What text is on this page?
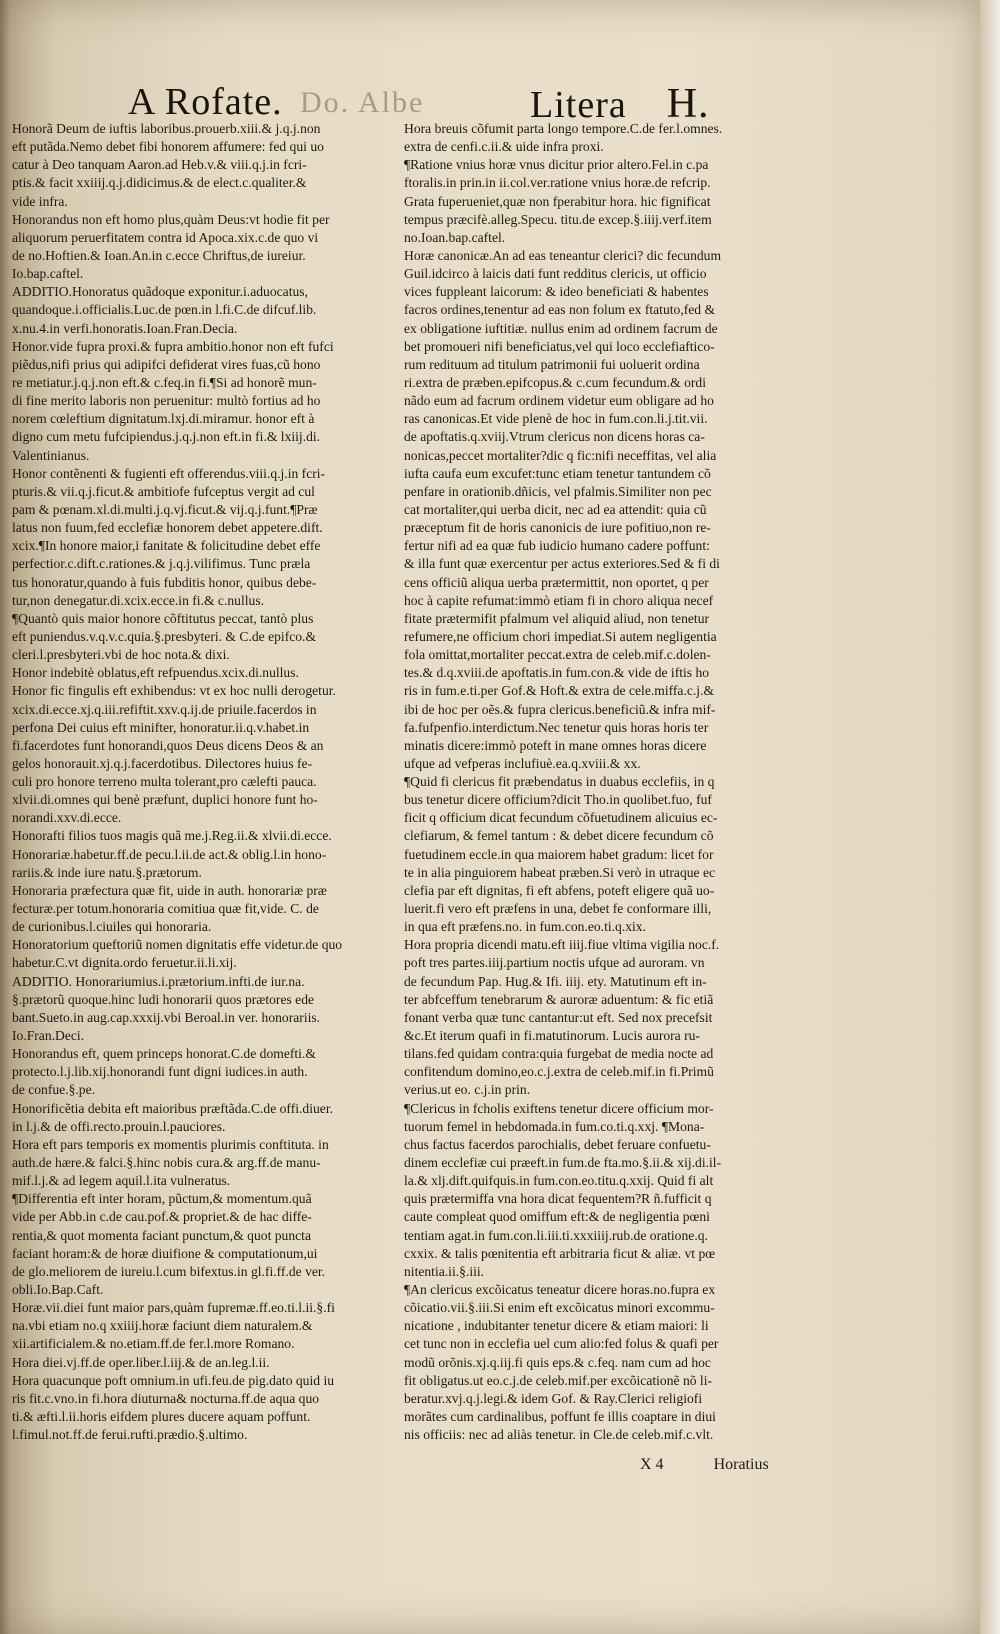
A Rofate. Do. Albe	Litera H.
Honorã Deum de iuftis laboribus.prouerb.xiii.& j.q.j.non
eft putãda.Nemo debet fibi honorem affumere: fed qui uo
catur à Deo tanquam Aaron.ad Heb.v.& viii.q.j.in fcri-
ptis.& facit xxiiij.q.j.didicimus.& de elect.c.qualiter.&
vide infra.
Honorandus non eft homo plus,quàm Deus:vt hodie fit per
aliquorum peruerfitatem contra id Apoca.xix.c.de quo vi
de no.Hoftien.& Ioan.An.in c.ecce Chriftus,de iureiur.
Io.bap.caftel.
ADDITIO.Honoratus quãdoque exponitur.i.aduocatus,
quandoque.i.officialis.Luc.de pœn.in l.fi.C.de difcuf.lib.
x.nu.4.in verfi.honoratis.Ioan.Fran.Decia.
Honor.vide fupra proxi.& fupra ambitio.honor non eft fufci
piẽdus,nifi prius qui adipifci defiderat vires fuas,cũ hono
re metiatur.j.q.j.non eft.& c.feq.in fi.¶Si ad honorẽ mun-
di fine merito laboris non peruenitur: multò fortius ad ho
norem cœleftium dignitatum.lxj.di.miramur. honor eft à
digno cum metu fufcipiendus.j.q.j.non eft.in fi.& lxiij.di.
Valentinianus.
Honor contẽnenti & fugienti eft offerendus.viii.q.j.in fcri-
pturis.& vii.q.j.ficut.& ambitiofe fufceptus vergit ad cul
pam & pœnam.xl.di.multi.j.q.vj.ficut.& vij.q.j.funt.¶Præ
latus non fuum,fed ecclefiæ honorem debet appetere.dift.
xcix.¶In honore maior,i fanitate & folicitudine debet effe
perfectior.c.dift.c.rationes.& j.q.j.vilifimus. Tunc præla
tus honoratur,quando à fuis fubditis honor, quibus debe-
tur,non denegatur.di.xcix.ecce.in fi.& c.nullus.
¶Quantò quis maior honore cõftitutus peccat, tantò plus
eft puniendus.v.q.v.c.quia.§.presbyteri. & C.de epifco.&
cleri.l.presbyteri.vbi de hoc nota.& dixi.
Honor indebitè oblatus,eft refpuendus.xcix.di.nullus.
Honor fic fingulis eft exhibendus: vt ex hoc nulli derogetur.
xcix.di.ecce.xj.q.iii.refiftit.xxv.q.ij.de priuile.facerdos in
perfona Dei cuius eft minifter, honoratur.ii.q.v.habet.in
fi.facerdotes funt honorandi,quos Deus dicens Deos & an
gelos honorauit.xj.q.j.facerdotibus. Dilectores huius fe-
culi pro honore terreno multa tolerant,pro cælefti pauca.
xlvii.di.omnes qui benè præfunt, duplici honore funt ho-
norandi.xxv.di.ecce.
Honorafti filios tuos magis quã me.j.Reg.ii.& xlvii.di.ecce.
Honorariæ.habetur.ff.de pecu.l.ii.de act.& oblig.l.in hono-
rariis.& inde iure natu.§.prætorum.
Honoraria præfectura quæ fit, uide in auth. honorariæ præ
fecturæ.per totum.honoraria comitiua quæ fit,vide. C. de
de curionibus.l.ciuiles qui honoraria.
Honoratorium queftoriũ nomen dignitatis effe videtur.de quo
habetur.C.vt dignita.ordo feruetur.ii.li.xij.
ADDITIO. Honorariumius.i.prætorium.infti.de iur.na.
§.prætorũ quoque.hinc ludi honorarii quos prætores ede
bant.Sueto.in aug.cap.xxxij.vbi Beroal.in ver. honorariis.
Io.Fran.Deci.
Honorandus eft, quem princeps honorat.C.de domefti.&
protecto.l.j.lib.xij.honorandi funt digni iudices.in auth.
de confue.§.pe.
Honorificẽtia debita eft maioribus præftãda.C.de offi.diuer.
in l.j.& de offi.recto.prouin.l.pauciores.
Hora eft pars temporis ex momentis plurimis conftituta. in
auth.de hære.& falci.§.hinc nobis cura.& arg.ff.de manu-
mif.l.j.& ad legem aquil.l.ita vulneratus.
¶Differentia eft inter horam, pũctum,& momentum.quã
vide per Abb.in c.de cau.pof.& propriet.& de hac diffe-
rentia,& quot momenta faciant punctum,& quot puncta
faciant horam:& de horæ diuifione & computationum,ui
de glo.meliorem de iureiu.l.cum bifextus.in gl.fi.ff.de ver.
obli.Io.Bap.Caft.
Horæ.vii.diei funt maior pars,quàm fupremæ.ff.eo.ti.l.ii.§.fi
na.vbi etiam no.q xxiiij.horæ faciunt diem naturalem.&
xii.artificialem.& no.etiam.ff.de fer.l.more Romano.
Hora diei.vj.ff.de oper.liber.l.iij.& de an.leg.l.ii.
Hora quacunque poft omnium.in ufi.feu.de pig.dato quid iu
ris fit.c.vno.in fi.hora diuturna& nocturna.ff.de aqua quo
ti.& æfti.l.ii.horis eifdem plures ducere aquam poffunt.
l.fimul.not.ff.de ferui.rufti.prædio.§.ultimo.
Hora breuis cõfumit parta longo tempore.C.de fer.l.omnes.
extra de cenfi.c.ii.& uide infra proxi.
¶Ratione vnius horæ vnus dicitur prior altero.Fel.in c.pa
ftoralis.in prin.in ii.col.ver.ratione vnius horæ.de refcrip.
Grata fuperueniet,quæ non fperabitur hora. hic fignificat
tempus præcifè.alleg.Specu. titu.de excep.§.iiij.verf.item
no.Ioan.bap.caftel.
Horæ canonicæ.An ad eas teneantur clerici? dic fecundum
Guil.idcirco à laicis dati funt redditus clericis, ut officio
vices fuppleant laicorum: & ideo beneficiati & habentes
facros ordines,tenentur ad eas non folum ex ftatuto,fed &
ex obligatione iuftitiæ. nullus enim ad ordinem facrum de
bet promoueri nifi beneficiatus,vel qui loco ecclefiaftico-
rum redituum ad titulum patrimonii fui uoluerit ordina
ri.extra de præben.epifcopus.& c.cum fecundum.& ordi
nãdo eum ad facrum ordinem videtur eum obligare ad ho
ras canonicas.Et vide plenè de hoc in fum.con.li.j.tit.vii.
de apoftatis.q.xviij.Vtrum clericus non dicens horas ca-
nonicas,peccet mortaliter?dic q fic:nifi neceffitas, vel alia
iufta caufa eum excufet:tunc etiam tenetur tantundem cõ
penfare in orationib.dñicis, vel pfalmis.Similiter non pec
cat mortaliter,qui uerba dicit, nec ad ea attendit: quia cũ
præceptum fit de horis canonicis de iure pofitiuo,non re-
fertur nifi ad ea quæ fub iudicio humano cadere poffunt:
& illa funt quæ exercentur per actus exteriores.Sed & fi di
cens officiũ aliqua uerba prætermittit, non oportet, q per
hoc à capite refumat:immò etiam fi in choro aliqua necef
fitate prætermifit pfalmum vel aliquid aliud, non tenetur
refumere,ne officium chori impediat.Si autem negligentia
fola omittat,mortaliter peccat.extra de celeb.mif.c.dolen-
tes.& d.q.xviii.de apoftatis.in fum.con.& vide de iftis ho
ris in fum.e.ti.per Gof.& Hoft.& extra de cele.miffa.c.j.&
ibi de hoc per oẽs.& fupra clericus.beneficiũ.& infra mif-
fa.fufpenfio.interdictum.Nec tenetur quis horas horis ter
minatis dicere:immò poteft in mane omnes horas dicere
ufque ad vefperas inclufiuè.ea.q.xviii.& xx.
¶Quid fi clericus fit præbendatus in duabus ecclefiis, in q
bus tenetur dicere officium?dicit Tho.in quolibet.fuo, fuf
ficit q officium dicat fecundum cõfuetudinem alicuius ec-
clefiarum, & femel tantum : & debet dicere fecundum cõ
fuetudinem eccle.in qua maiorem habet gradum: licet for
te in alia pinguiorem habeat præben.Si verò in utraque ec
clefia par eft dignitas, fi eft abfens, poteft eligere quã uo-
luerit.fi vero eft præfens in una, debet fe conformare illi,
in qua eft præfens.no. in fum.con.eo.ti.q.xix.
Hora propria dicendi matu.eft iiij.fiue vltima vigilia noc.f.
poft tres partes.iiij.partium noctis ufque ad auroram. vn
de fecundum Pap. Hug.& Ifi. iiij. ety. Matutinum eft in-
ter abfceffum tenebrarum & auroræ aduentum: & fic etiã
fonant verba quæ tunc cantantur:ut eft. Sed nox precefsit
&c.Et iterum quafi in fi.matutinorum. Lucis aurora ru-
tilans.fed quidam contra:quia furgebat de media nocte ad
confitendum domino,eo.c.j.extra de celeb.mif.in fi.Primũ
verius.ut eo. c.j.in prin.
¶Clericus in fcholis exiftens tenetur dicere officium mor-
tuorum femel in hebdomada.in fum.co.ti.q.xxj. ¶Mona-
chus factus facerdos parochialis, debet feruare confuetu-
dinem ecclefiæ cui præeft.in fum.de fta.mo.§.ii.& xij.di.il-
la.& xlj.dift.quifquis.in fum.con.eo.titu.q.xxij. Quid fi alt
quis prætermiffa vna hora dicat fequentem?R ñ.fufficit q
caute compleat quod omiffum eft:& de negligentia pœni
tentiam agat.in fum.con.li.iii.ti.xxxiiij.rub.de oratione.q.
cxxix. & talis pœnitentia eft arbitraria ficut & aliæ. vt pœ
nitentia.ii.§.iii.
¶An clericus excõicatus teneatur dicere horas.no.fupra ex
cõicatio.vii.§.iii.Si enim eft excõicatus minori excommu-
nicatione , indubitanter tenetur dicere & etiam maiori: li
cet tunc non in ecclefia uel cum alio:fed folus & quafi per
modũ orõnis.xj.q.iij.fi quis eps.& c.feq. nam cum ad hoc
fit obligatus.ut eo.c.j.de celeb.mif.per excõicationẽ nõ li-
beratur.xvj.q.j.legi.& idem Gof. & Ray.Clerici religiofi
morãtes cum cardinalibus, poffunt fe illis coaptare in diui
nis officiis: nec ad aliàs tenetur. in Cle.de celeb.mif.c.vlt.
X 4	Horatius
